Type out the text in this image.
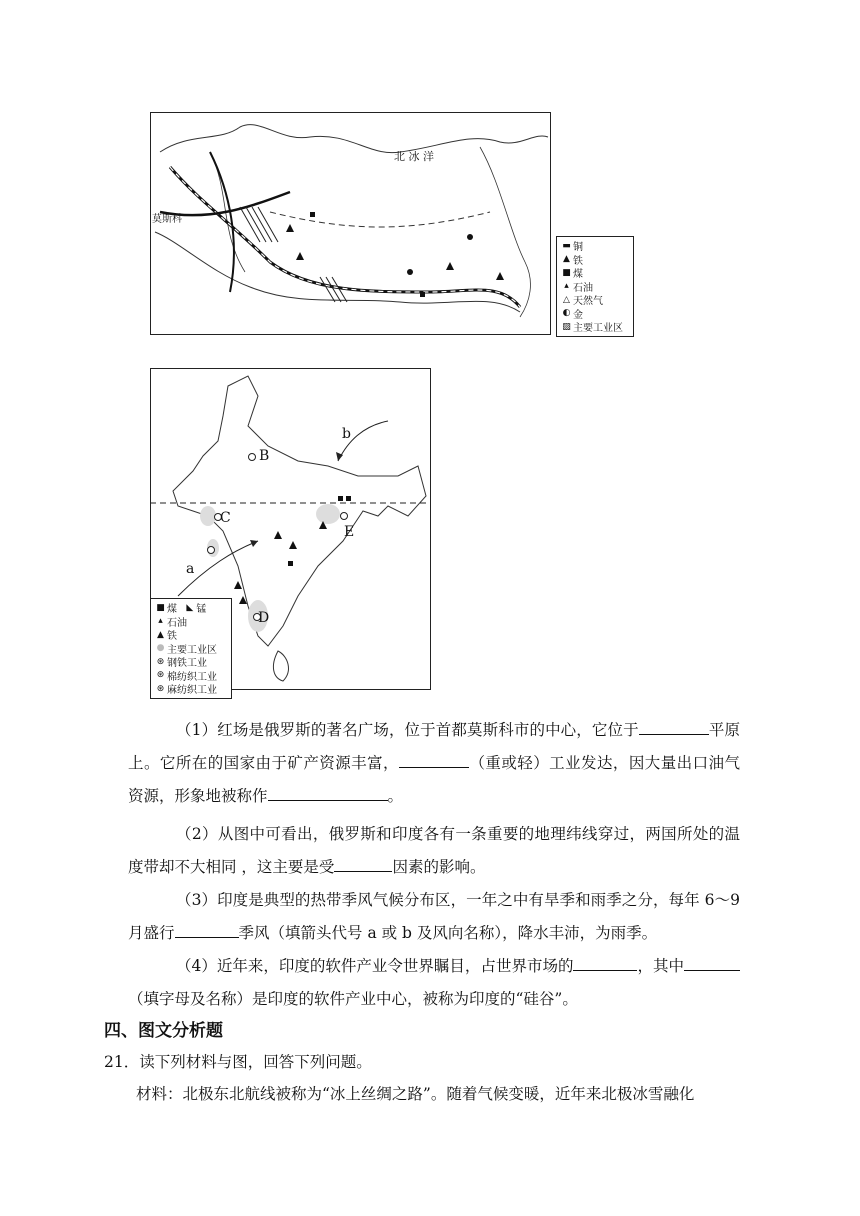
北 冰 洋
莫斯科
▬ 铜
▲ 铁
■ 煤
▴ 石油
△ 天然气
◐ 金
▨ 主要工业区
B
C
E
D
a
b
■ 煤
	◣ 锰
▴ 石油
▲ 铁
● 主要工业区
⊛ 钢铁工业
⊛ 棉纺织工业
⊛ 麻纺织工业
（1）红场是俄罗斯的著名广场，位于首都莫斯科市的中心，它位于	平原上。它所在的国家由于矿产资源丰富，	（重或轻）工业发达，因大量出口油气资源，形象地被称作	。
（2）从图中可看出，俄罗斯和印度各有一条重要的地理纬线穿过，两国所处的温度带却不大相同 ，这主要是受	因素的影响。
（3）印度是典型的热带季风气候分布区，一年之中有旱季和雨季之分，每年 6～9 月盛行	季风（填箭头代号 a 或 b 及风向名称），降水丰沛，为雨季。
（4）近年来，印度的软件产业令世界瞩目，占世界市场的	，其中（填字母及名称）是印度的软件产业中心，被称为印度的“硅谷”。
四、图文分析题
21．读下列材料与图，回答下列问题。
材料：北极东北航线被称为“冰上丝绸之路”。随着气候变暖，近年来北极冰雪融化
